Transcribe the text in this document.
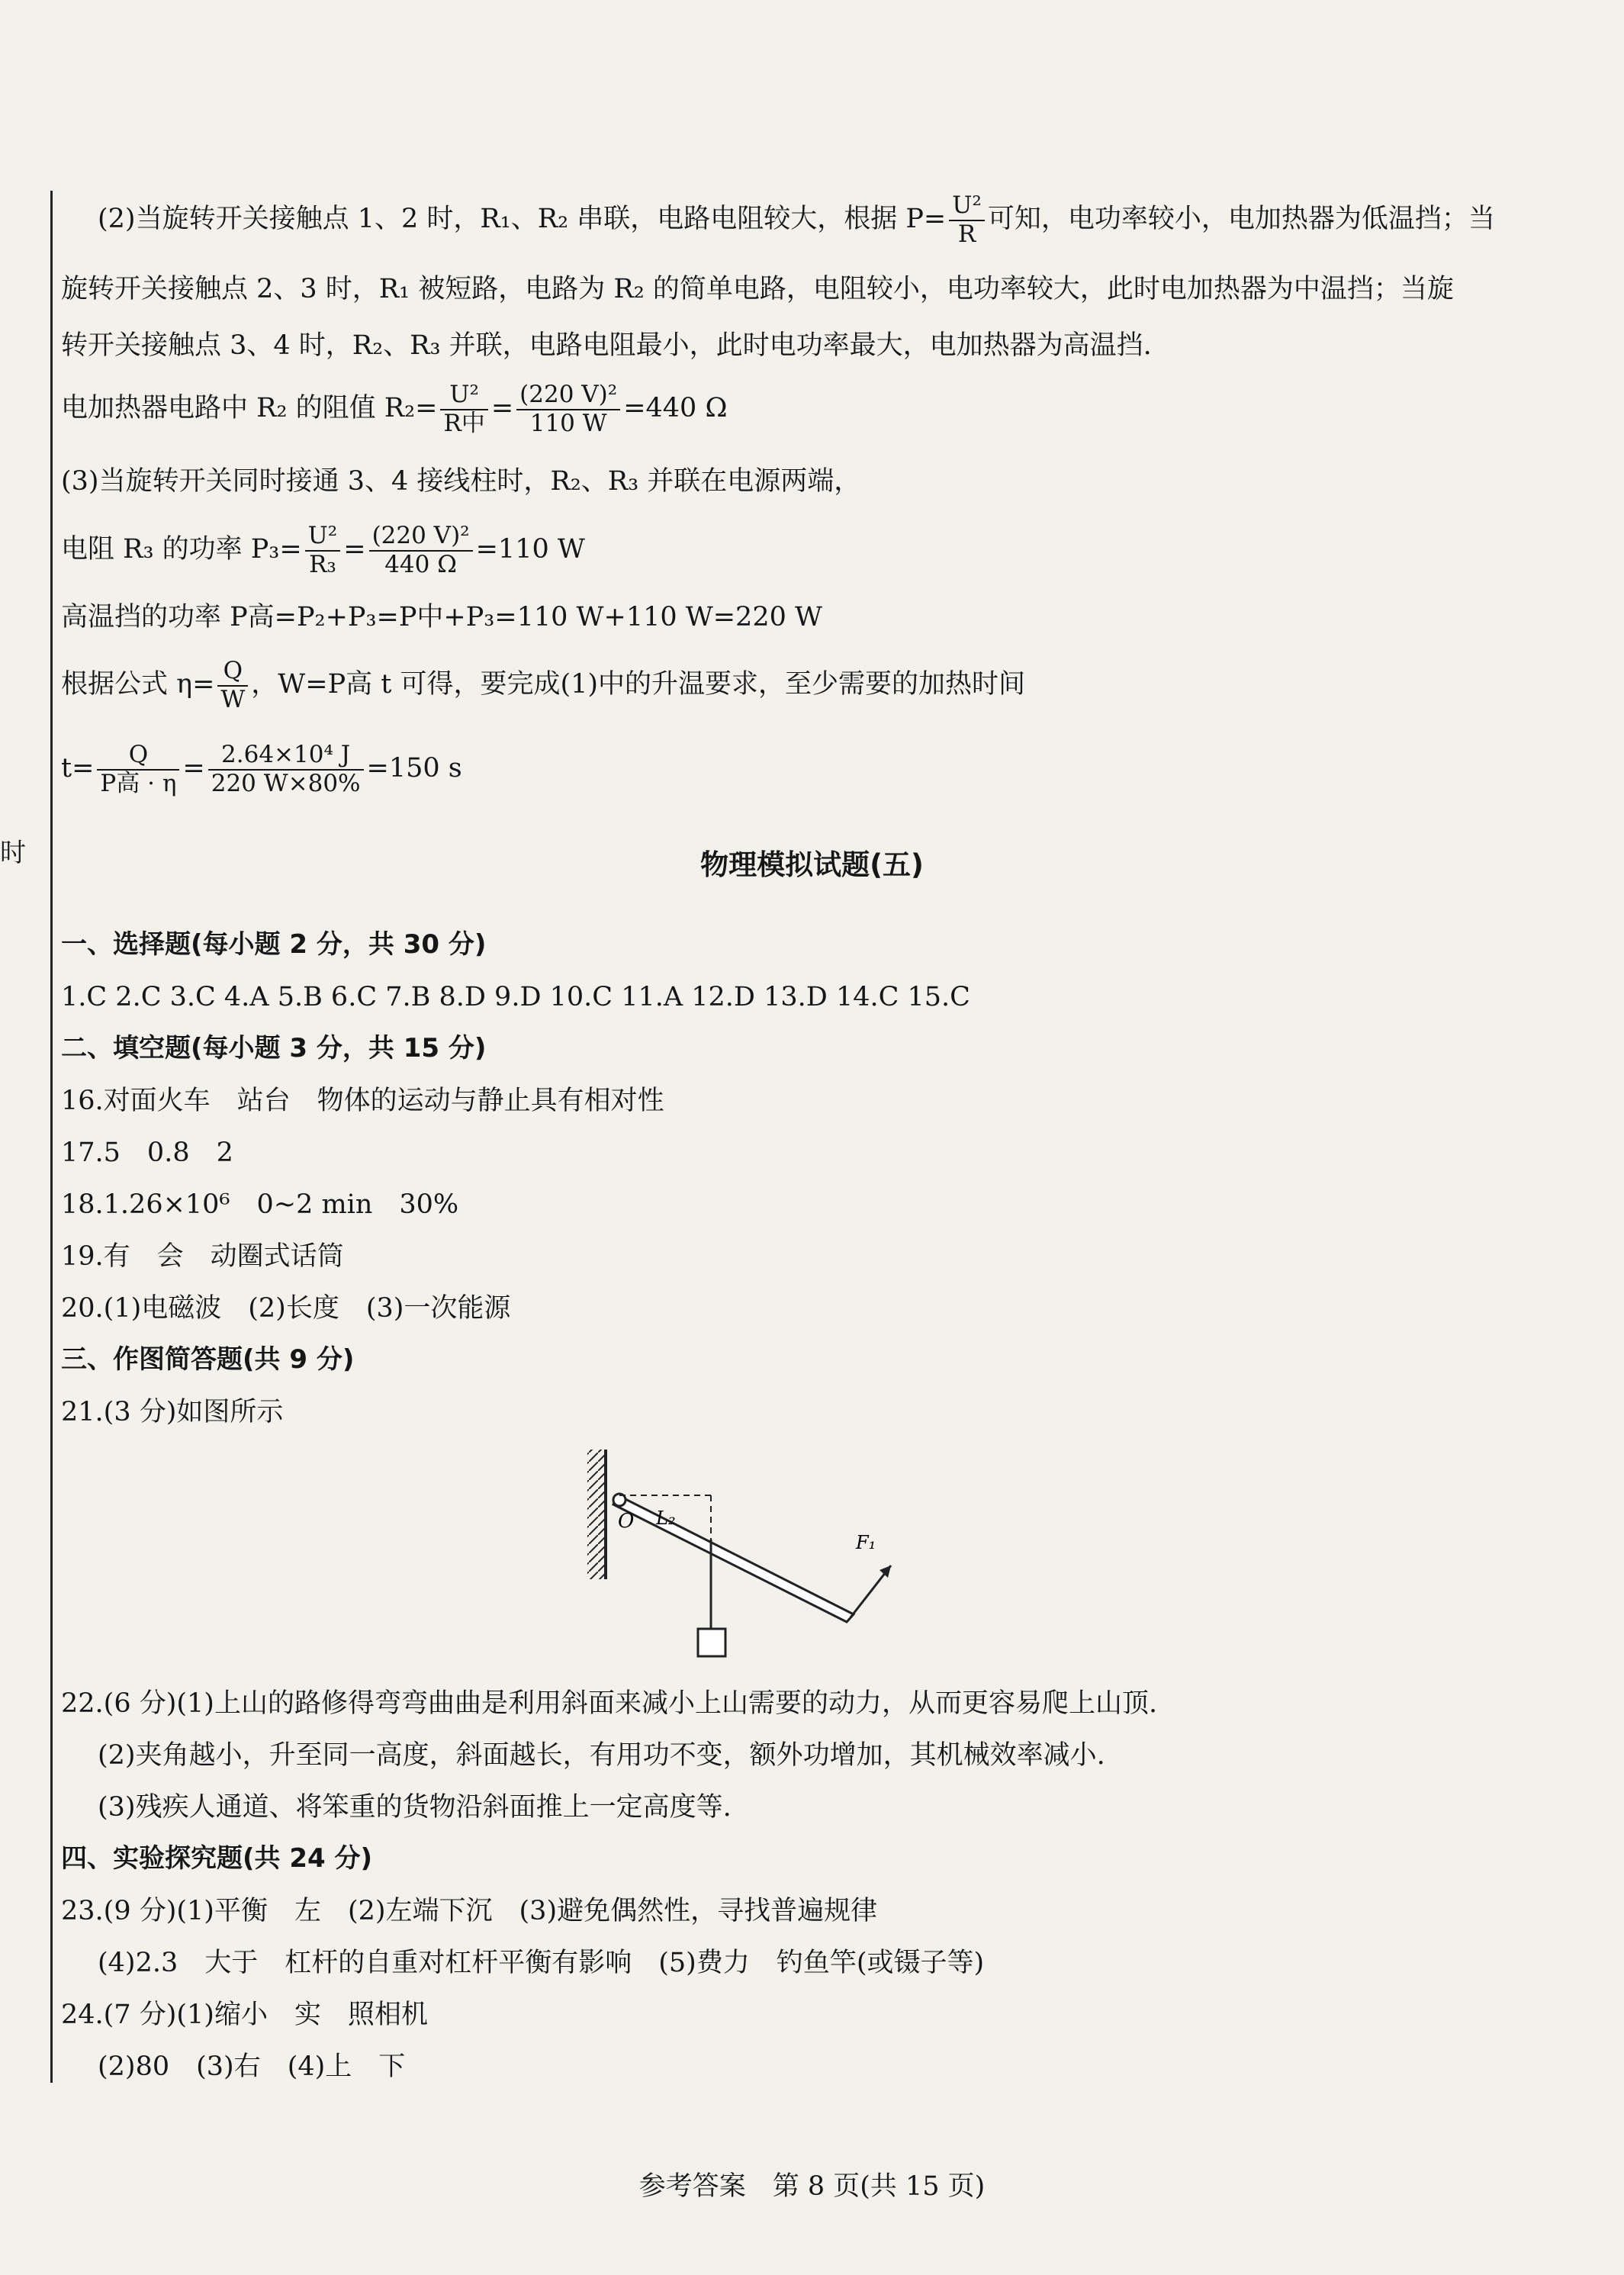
时
(2)当旋转开关接触点 1、2 时，R₁、R₂ 串联，电路电阻较大，根据 $P= \frac{\text{U²}}{R}$ 可知，电功率较小，电加热器为低温挡；当
旋转开关接触点 2、3 时，R₁ 被短路，电路为 R₂ 的简单电路，电阻较小，电功率较大，此时电加热器为中温挡；当旋
转开关接触点 3、4 时，R₂、R₃ 并联，电路电阻最小，此时电功率最大，电加热器为高温挡.
电加热器电路中 R₂ 的阻值 $R_2= \frac{\text{U²}}{\text{R中}} = \frac{\text{(220 V)²}}{110 W} =440$ Ω
(3)当旋转开关同时接通 3、4 接线柱时，R₂、R₃ 并联在电源两端，
电阻 R₃ 的功率 $P_3= \frac{\text{U²}}{\text{R₃}} = \frac{\text{(220 V)²}}{440 \Omega} =110$ W
高温挡的功率 P高=P₂+P₃=P中+P₃=110 W+110 W=220 W
根据公式 $\eta= \frac{Q}{W}$ ，W=P高 t 可得，要完成(1)中的升温要求，至少需要的加热时间
$t= \frac{Q}{\text{P高 · η}} = \frac{\text{2.64×10⁴ J}}{220 W\times 80\%} =150$ s
物理模拟试题(五)
一、选择题(每小题 2 分，共 30 分)
1.C 2.C 3.C 4.A 5.B 6.C 7.B 8.D 9.D 10.C 11.A 12.D 13.D 14.C 15.C
二、填空题(每小题 3 分，共 15 分)
16.对面火车　站台　物体的运动与静止具有相对性
17.5　0.8　2
18.1.26×10⁶　0~2 min　30%
19.有　会　动圈式话筒
20.(1)电磁波　(2)长度　(3)一次能源
三、作图简答题(共 9 分)
21.(3 分)如图所示
O L₂
F₁
22.(6 分)(1)上山的路修得弯弯曲曲是利用斜面来减小上山需要的动力，从而更容易爬上山顶.
(2)夹角越小，升至同一高度，斜面越长，有用功不变，额外功增加，其机械效率减小.
(3)残疾人通道、将笨重的货物沿斜面推上一定高度等.
四、实验探究题(共 24 分)
23.(9 分)(1)平衡　左　(2)左端下沉　(3)避免偶然性，寻找普遍规律
(4)2.3　大于　杠杆的自重对杠杆平衡有影响　(5)费力　钓鱼竿(或镊子等)
24.(7 分)(1)缩小　实　照相机
(2)80　(3)右　(4)上　下
参考答案　第 8 页(共 15 页)
